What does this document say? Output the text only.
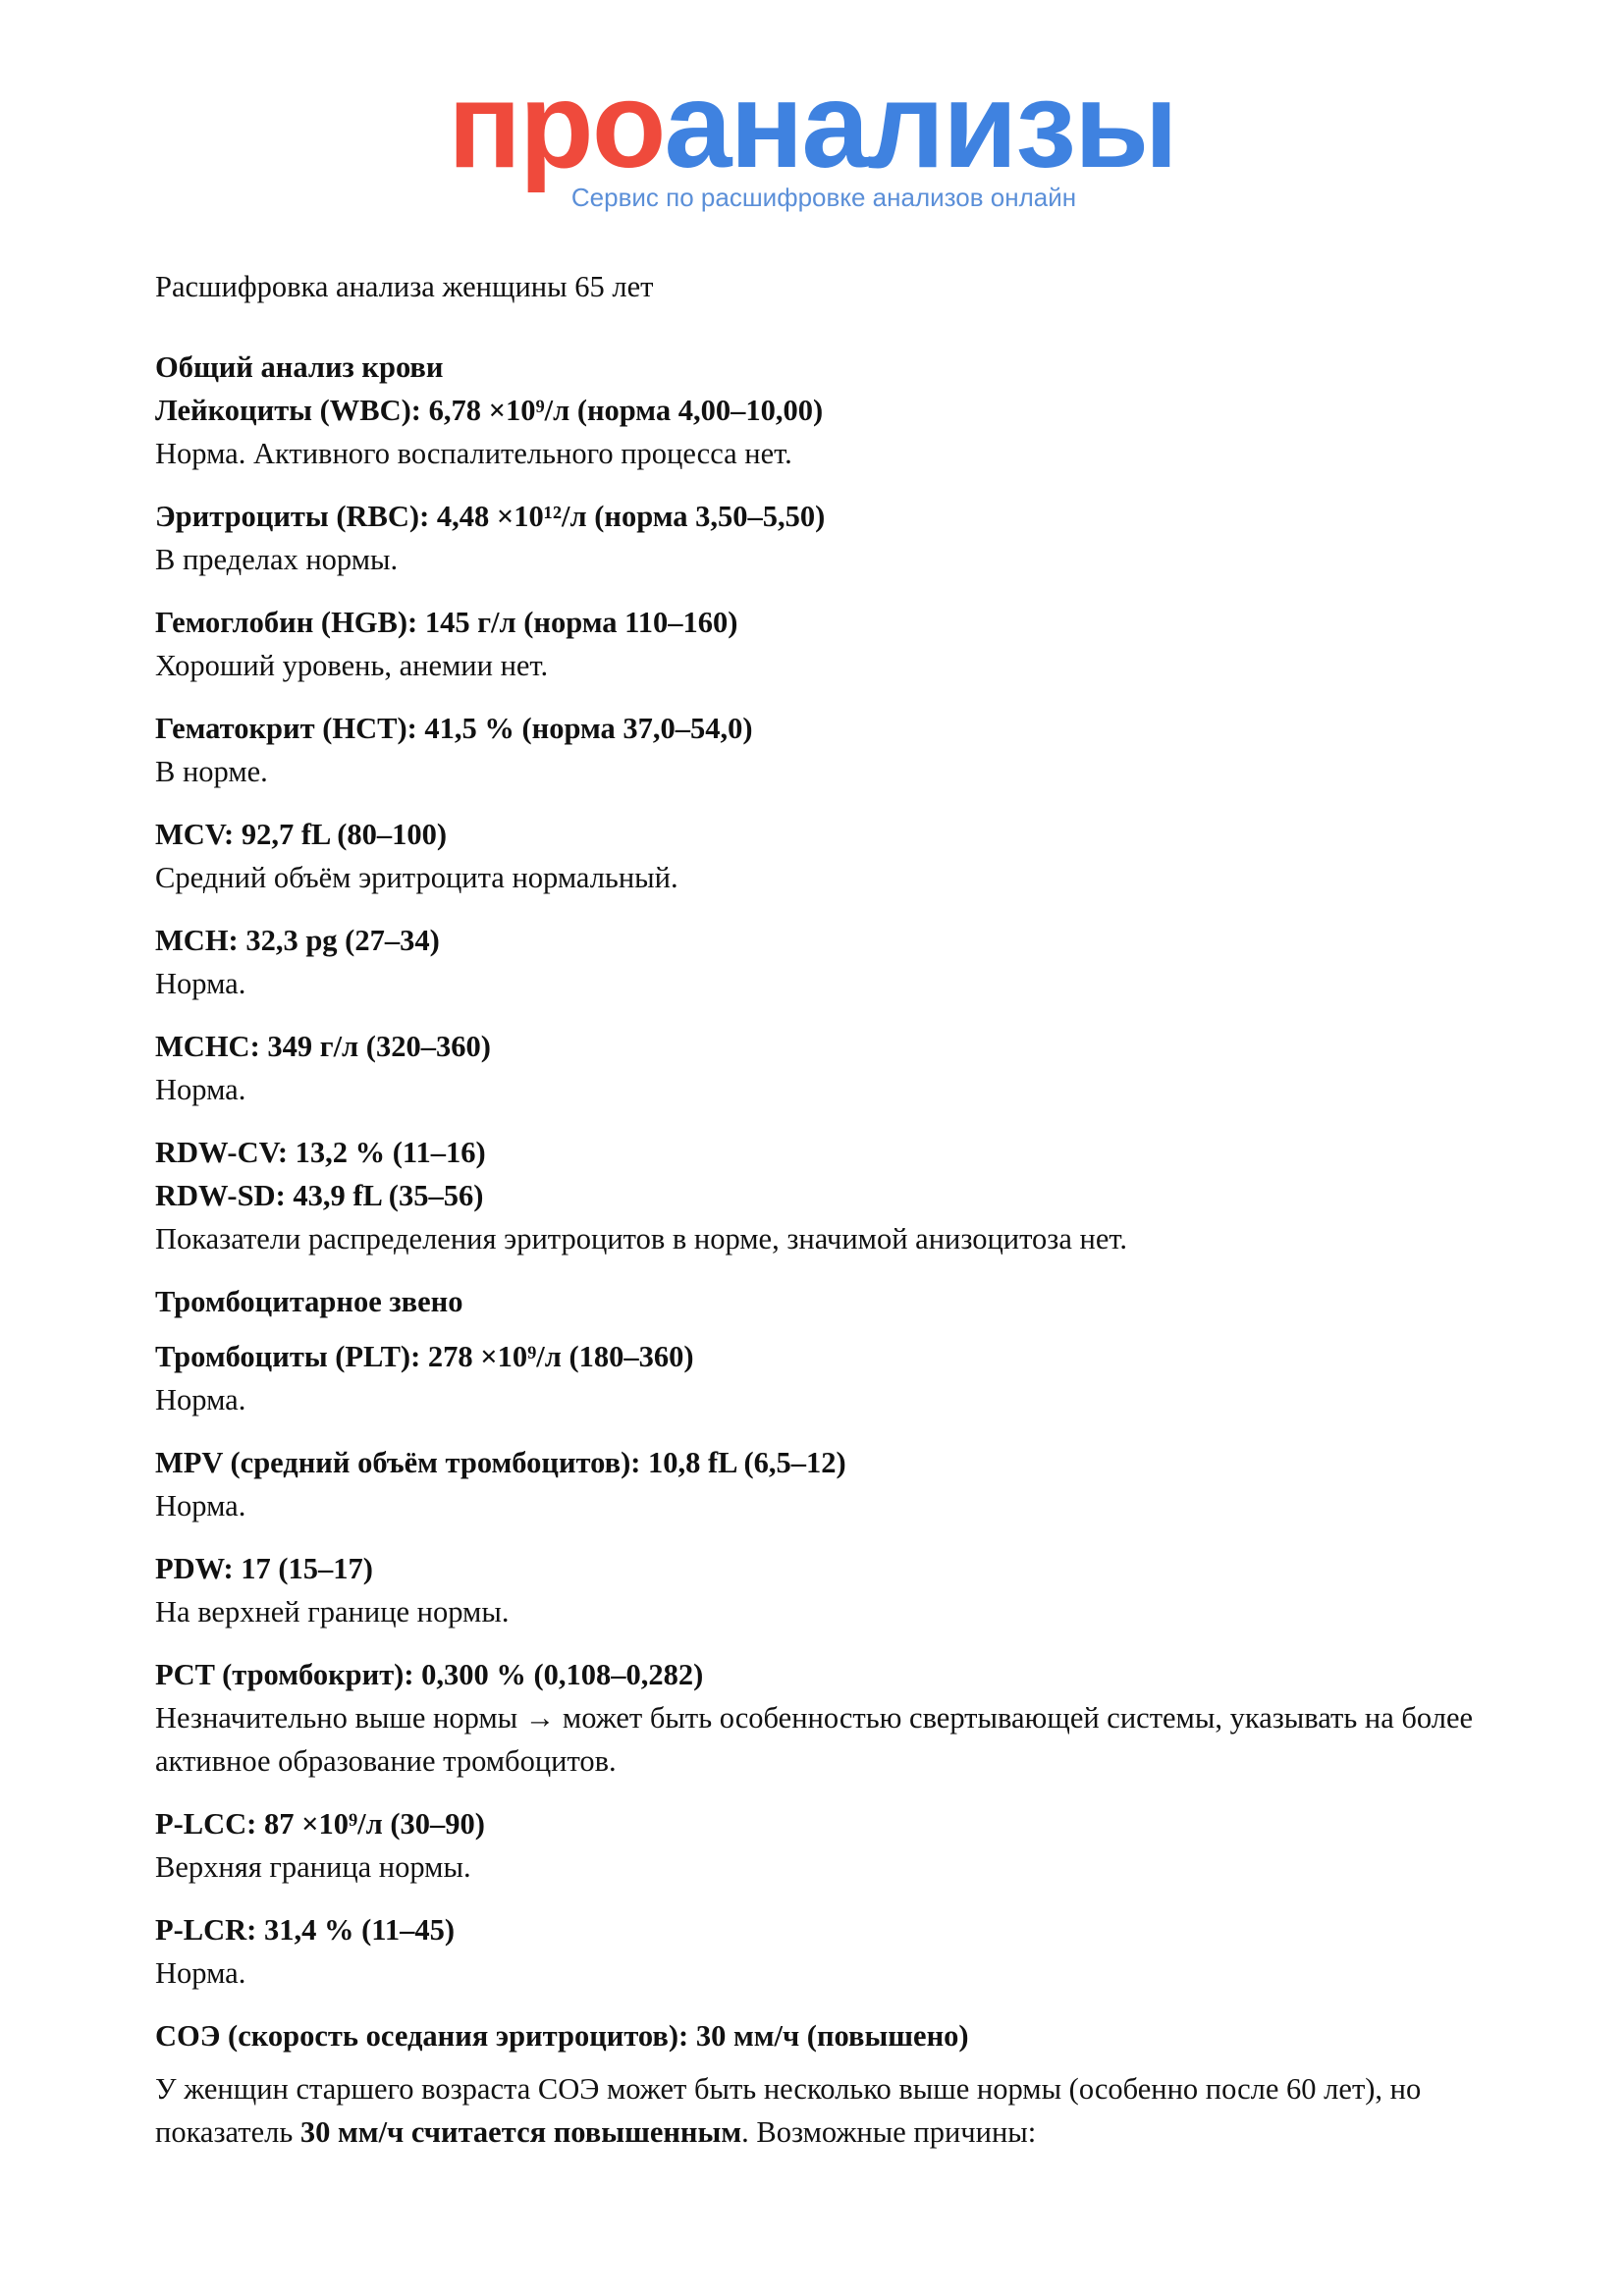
проанализы
Сервис по расшифровке анализов онлайн
Расшифровка анализа женщины 65 лет
Общий анализ крови
Лейкоциты (WBC): 6,78 ×10⁹/л (норма 4,00–10,00)
Норма. Активного воспалительного процесса нет.
Эритроциты (RBC): 4,48 ×10¹²/л (норма 3,50–5,50)
В пределах нормы.
Гемоглобин (HGB): 145 г/л (норма 110–160)
Хороший уровень, анемии нет.
Гематокрит (HCT): 41,5 % (норма 37,0–54,0)
В норме.
MCV: 92,7 fL (80–100)
Средний объём эритроцита нормальный.
MCH: 32,3 pg (27–34)
Норма.
MCHC: 349 г/л (320–360)
Норма.
RDW-CV: 13,2 % (11–16)
RDW-SD: 43,9 fL (35–56)
Показатели распределения эритроцитов в норме, значимой анизоцитоза нет.
Тромбоцитарное звено
Тромбоциты (PLT): 278 ×10⁹/л (180–360)
Норма.
MPV (средний объём тромбоцитов): 10,8 fL (6,5–12)
Норма.
PDW: 17 (15–17)
На верхней границе нормы.
PCT (тромбокрит): 0,300 % (0,108–0,282)
Незначительно выше нормы → может быть особенностью свертывающей системы, указывать на более активное образование тромбоцитов.
P-LCC: 87 ×10⁹/л (30–90)
Верхняя граница нормы.
P-LCR: 31,4 % (11–45)
Норма.
СОЭ (скорость оседания эритроцитов): 30 мм/ч (повышено)
У женщин старшего возраста СОЭ может быть несколько выше нормы (особенно после 60 лет), но показатель 30 мм/ч считается повышенным. Возможные причины:
